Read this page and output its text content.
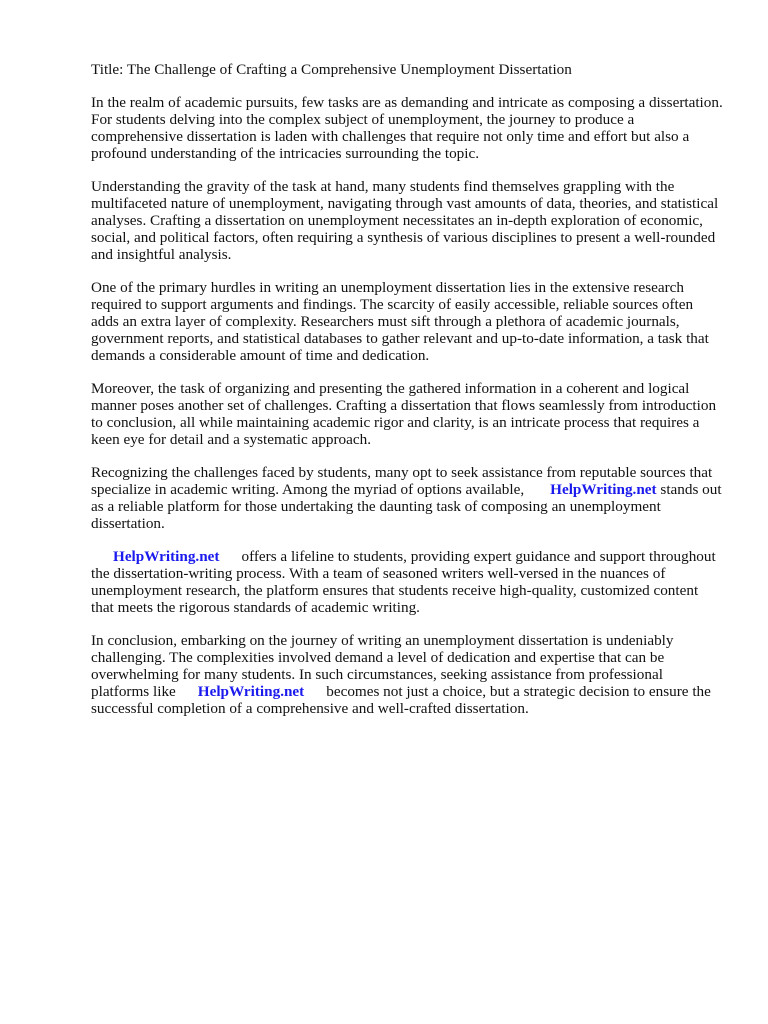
Title: The Challenge of Crafting a Comprehensive Unemployment Dissertation

In the realm of academic pursuits, few tasks are as demanding and intricate as composing a dissertation. For students delving into the complex subject of unemployment, the journey to produce a comprehensive dissertation is laden with challenges that require not only time and effort but also a profound understanding of the intricacies surrounding the topic.

Understanding the gravity of the task at hand, many students find themselves grappling with the multifaceted nature of unemployment, navigating through vast amounts of data, theories, and statistical analyses. Crafting a dissertation on unemployment necessitates an in-depth exploration of economic, social, and political factors, often requiring a synthesis of various disciplines to present a well-rounded and insightful analysis.

One of the primary hurdles in writing an unemployment dissertation lies in the extensive research required to support arguments and findings. The scarcity of easily accessible, reliable sources often adds an extra layer of complexity. Researchers must sift through a plethora of academic journals, government reports, and statistical databases to gather relevant and up-to-date information, a task that demands a considerable amount of time and dedication.

Moreover, the task of organizing and presenting the gathered information in a coherent and logical manner poses another set of challenges. Crafting a dissertation that flows seamlessly from introduction to conclusion, all while maintaining academic rigor and clarity, is an intricate process that requires a keen eye for detail and a systematic approach.

Recognizing the challenges faced by students, many opt to seek assistance from reputable sources that specialize in academic writing. Among the myriad of options available, HelpWriting.net stands out as a reliable platform for those undertaking the daunting task of composing an unemployment dissertation.

HelpWriting.net offers a lifeline to students, providing expert guidance and support throughout the dissertation-writing process. With a team of seasoned writers well-versed in the nuances of unemployment research, the platform ensures that students receive high-quality, customized content that meets the rigorous standards of academic writing.

In conclusion, embarking on the journey of writing an unemployment dissertation is undeniably challenging. The complexities involved demand a level of dedication and expertise that can be overwhelming for many students. In such circumstances, seeking assistance from professional platforms like HelpWriting.net becomes not just a choice, but a strategic decision to ensure the successful completion of a comprehensive and well-crafted dissertation.
